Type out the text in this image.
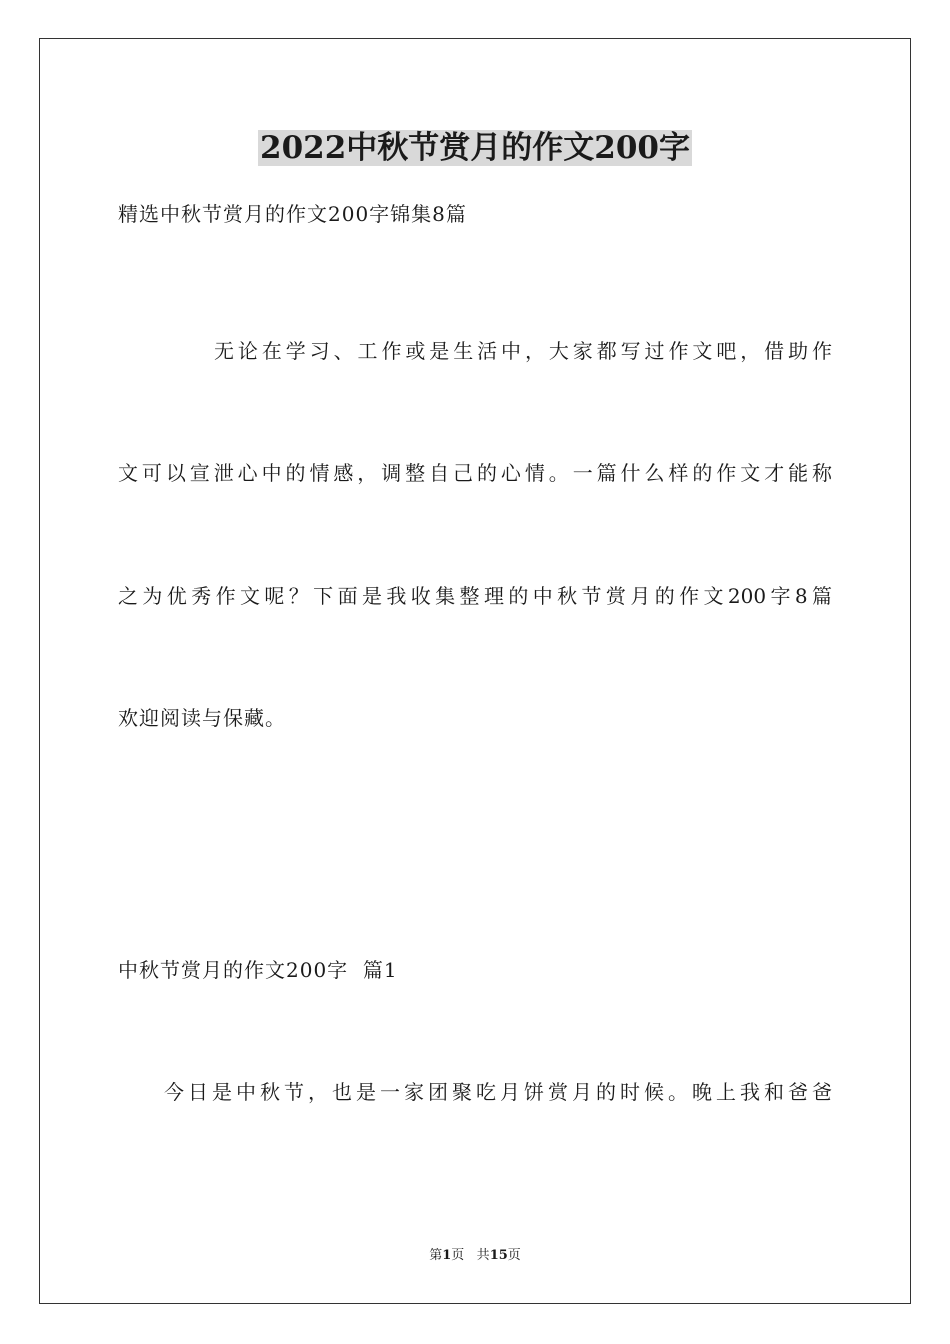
2022中秋节赏月的作文200字
精选中秋节赏月的作文200字锦集8篇
无论在学习、工作或是生活中，大家都写过作文吧，借助作
文可以宣泄心中的情感，调整自己的心情。一篇什么样的作文才能称
之为优秀作文呢？下面是我收集整理的中秋节赏月的作文200字8篇
欢迎阅读与保藏。
中秋节赏月的作文200字  篇1
今日是中秋节，也是一家团聚吃月饼赏月的时候。晚上我和爸爸
第1页 共15页
